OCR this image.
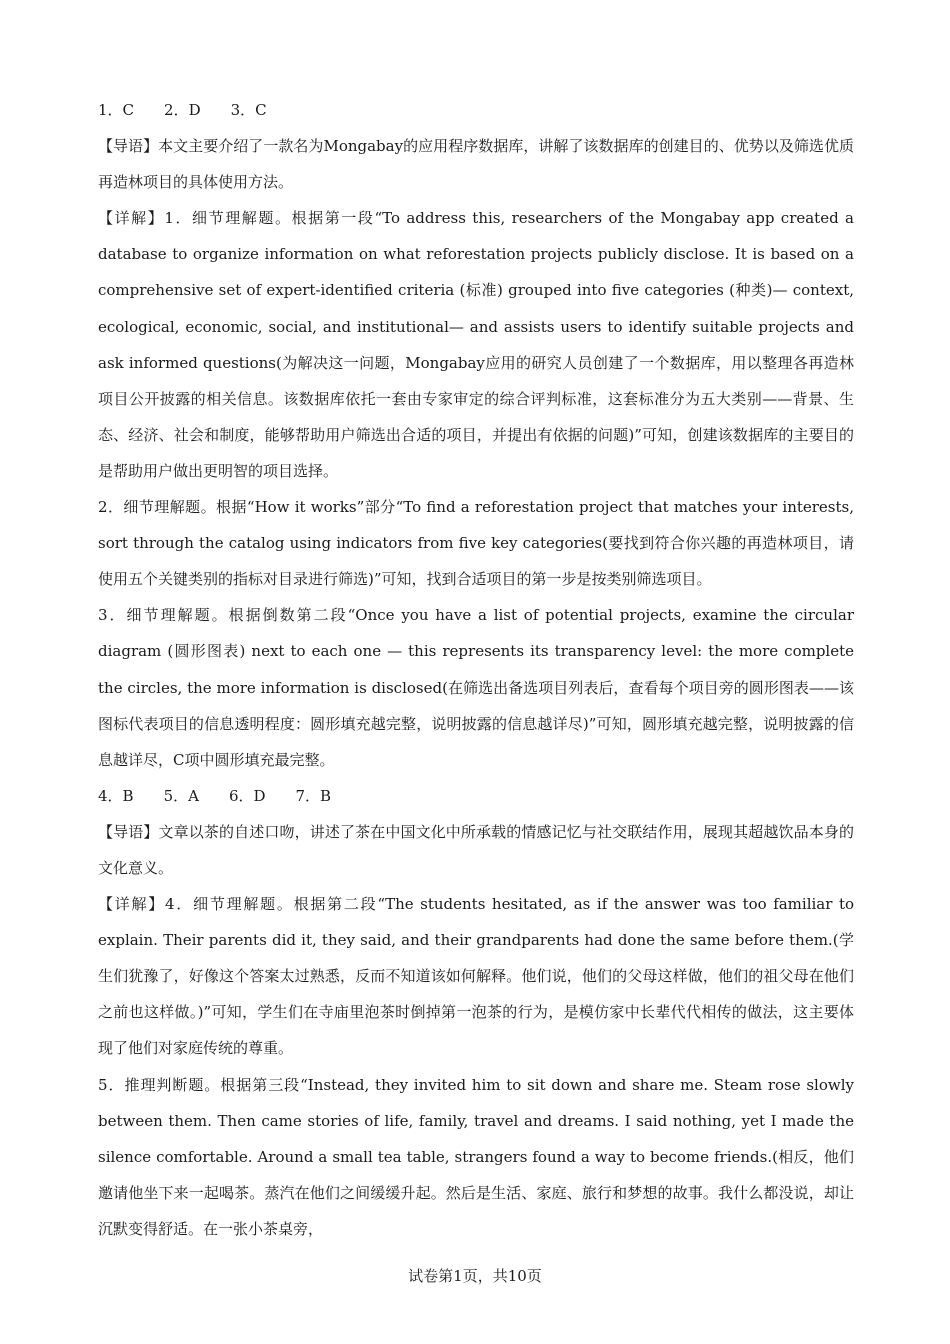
1．C　　2．D　　3．C

【导语】本文主要介绍了一款名为Mongabay的应用程序数据库，讲解了该数据库的创建目的、优势以及筛选优质再造林项目的具体使用方法。

【详解】1．细节理解题。根据第一段“To address this, researchers of the Mongabay app created a database to organize information on what reforestation projects publicly disclose. It is based on a comprehensive set of expert-identified criteria (标准) grouped into five categories (种类)— context, ecological, economic, social, and institutional— and assists users to identify suitable projects and ask informed questions(为解决这一问题，Mongabay应用的研究人员创建了一个数据库，用以整理各再造林项目公开披露的相关信息。该数据库依托一套由专家审定的综合评判标准，这套标准分为五大类别——背景、生态、经济、社会和制度，能够帮助用户筛选出合适的项目，并提出有依据的问题)”可知，创建该数据库的主要目的是帮助用户做出更明智的项目选择。

2．细节理解题。根据“How it works”部分“To find a reforestation project that matches your interests, sort through the catalog using indicators from five key categories(要找到符合你兴趣的再造林项目，请使用五个关键类别的指标对目录进行筛选)”可知，找到合适项目的第一步是按类别筛选项目。

3．细节理解题。根据倒数第二段“Once you have a list of potential projects, examine the circular diagram (圆形图表) next to each one — this represents its transparency level: the more complete the circles, the more information is disclosed(在筛选出备选项目列表后，查看每个项目旁的圆形图表——该图标代表项目的信息透明程度：圆形填充越完整，说明披露的信息越详尽)”可知，圆形填充越完整，说明披露的信息越详尽，C项中圆形填充最完整。

4．B　　5．A　　6．D　　7．B

【导语】文章以茶的自述口吻，讲述了茶在中国文化中所承载的情感记忆与社交联结作用，展现其超越饮品本身的文化意义。

【详解】4．细节理解题。根据第二段“The students hesitated, as if the answer was too familiar to explain. Their parents did it, they said, and their grandparents had done the same before them.(学生们犹豫了，好像这个答案太过熟悉，反而不知道该如何解释。他们说，他们的父母这样做，他们的祖父母在他们之前也这样做。)”可知，学生们在寺庙里泡茶时倒掉第一泡茶的行为，是模仿家中长辈代代相传的做法，这主要体现了他们对家庭传统的尊重。

5．推理判断题。根据第三段“Instead, they invited him to sit down and share me. Steam rose slowly between them. Then came stories of life, family, travel and dreams. I said nothing, yet I made the silence comfortable. Around a small tea table, strangers found a way to become friends.(相反，他们邀请他坐下来一起喝茶。蒸汽在他们之间缓缓升起。然后是生活、家庭、旅行和梦想的故事。我什么都没说，却让沉默变得舒适。在一张小茶桌旁，

试卷第1页，共10页
